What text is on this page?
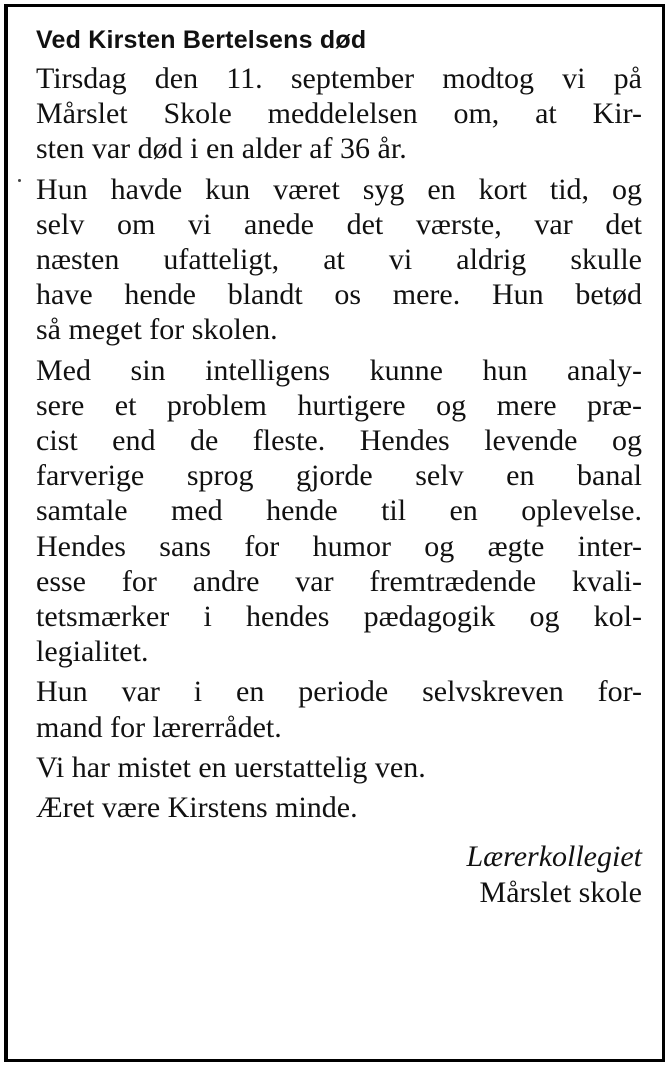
Ved Kirsten Bertelsens død
Tirsdag den 11. september modtog vi på
Mårslet Skole meddelelsen om, at Kir-
sten var død i en alder af 36 år.
Hun havde kun været syg en kort tid, og
selv om vi anede det værste, var det
næsten ufatteligt, at vi aldrig skulle
have hende blandt os mere. Hun betød
så meget for skolen.
Med sin intelligens kunne hun analy-
sere et problem hurtigere og mere præ-
cist end de fleste. Hendes levende og
farverige sprog gjorde selv en banal
samtale med hende til en oplevelse.
Hendes sans for humor og ægte inter-
esse for andre var fremtrædende kvali-
tetsmærker i hendes pædagogik og kol-
legialitet.
Hun var i en periode selvskreven for-
mand for lærerrådet.
Vi har mistet en uerstattelig ven.
Æret være Kirstens minde.
Lærerkollegiet
Mårslet skole
